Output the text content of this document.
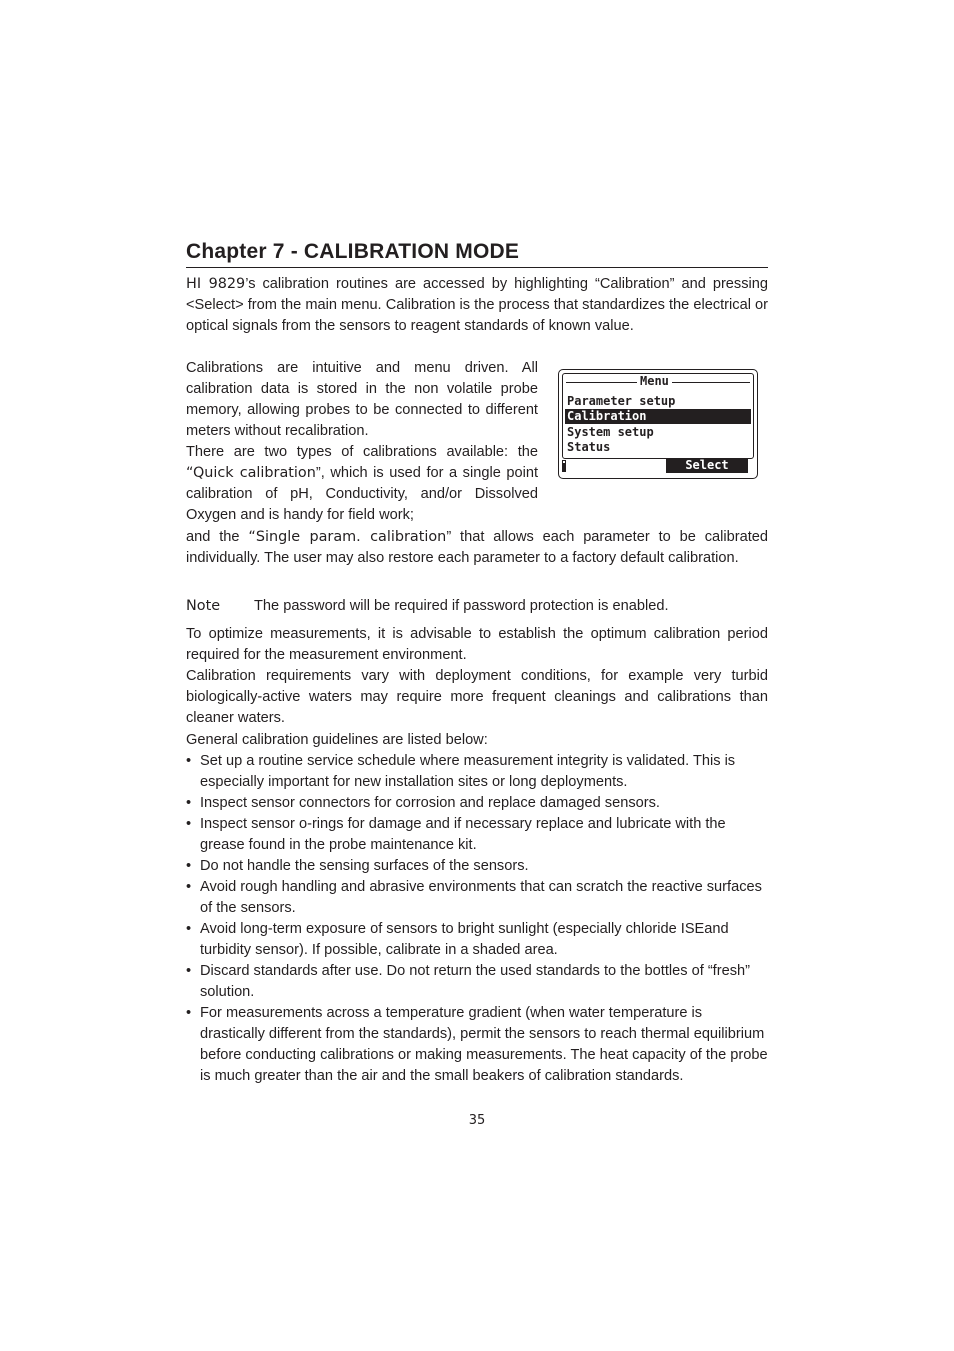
Chapter 7 - CALIBRATION MODE

HI 9829’s calibration routines are accessed by highlighting “Calibration” and pressing <Select> from the main menu. Calibration is the process that standardizes the electrical or optical signals from the sensors to reagent standards of known value.

Calibrations are intuitive and menu driven. All calibration data is stored in the non volatile probe memory, allowing probes to be connected to different meters without recalibration.

There are two types of calibrations available: the “Quick calibration”, which is used for a single point calibration of pH, Conductivity, and/or Dissolved Oxygen and is handy for field work;

and the “Single param. calibration” that allows each parameter to be calibrated individually. The user may also restore each parameter to a factory default calibration.

Note The password will be required if password protection is enabled.

To optimize measurements, it is advisable to establish the optimum calibration period required for the measurement environment.

Calibration requirements vary with deployment conditions, for example very turbid biologically-active waters may require more frequent cleanings and calibrations than cleaner waters.

General calibration guidelines are listed below:

• Set up a routine service schedule where measurement integrity is validated. This is especially important for new installation sites or long deployments.
• Inspect sensor connectors for corrosion and replace damaged sensors.
• Inspect sensor o-rings for damage and if necessary replace and lubricate with the grease found in the probe maintenance kit.
• Do not handle the sensing surfaces of the sensors.
• Avoid rough handling and abrasive environments that can scratch the reactive surfaces of the sensors.
• Avoid long-term exposure of sensors to bright sunlight (especially chloride ISEand turbidity sensor). If possible, calibrate in a shaded area.
• Discard standards after use. Do not return the used standards to the bottles of “fresh” solution.
• For measurements across a temperature gradient (when water temperature is drastically different from the standards), permit the sensors to reach thermal equilibrium before conducting calibrations or making measurements. The heat capacity of the probe is much greater than the air and the small beakers of calibration standards.
Menu
Parameter setup
Calibration
System setup
Status
Select
35
